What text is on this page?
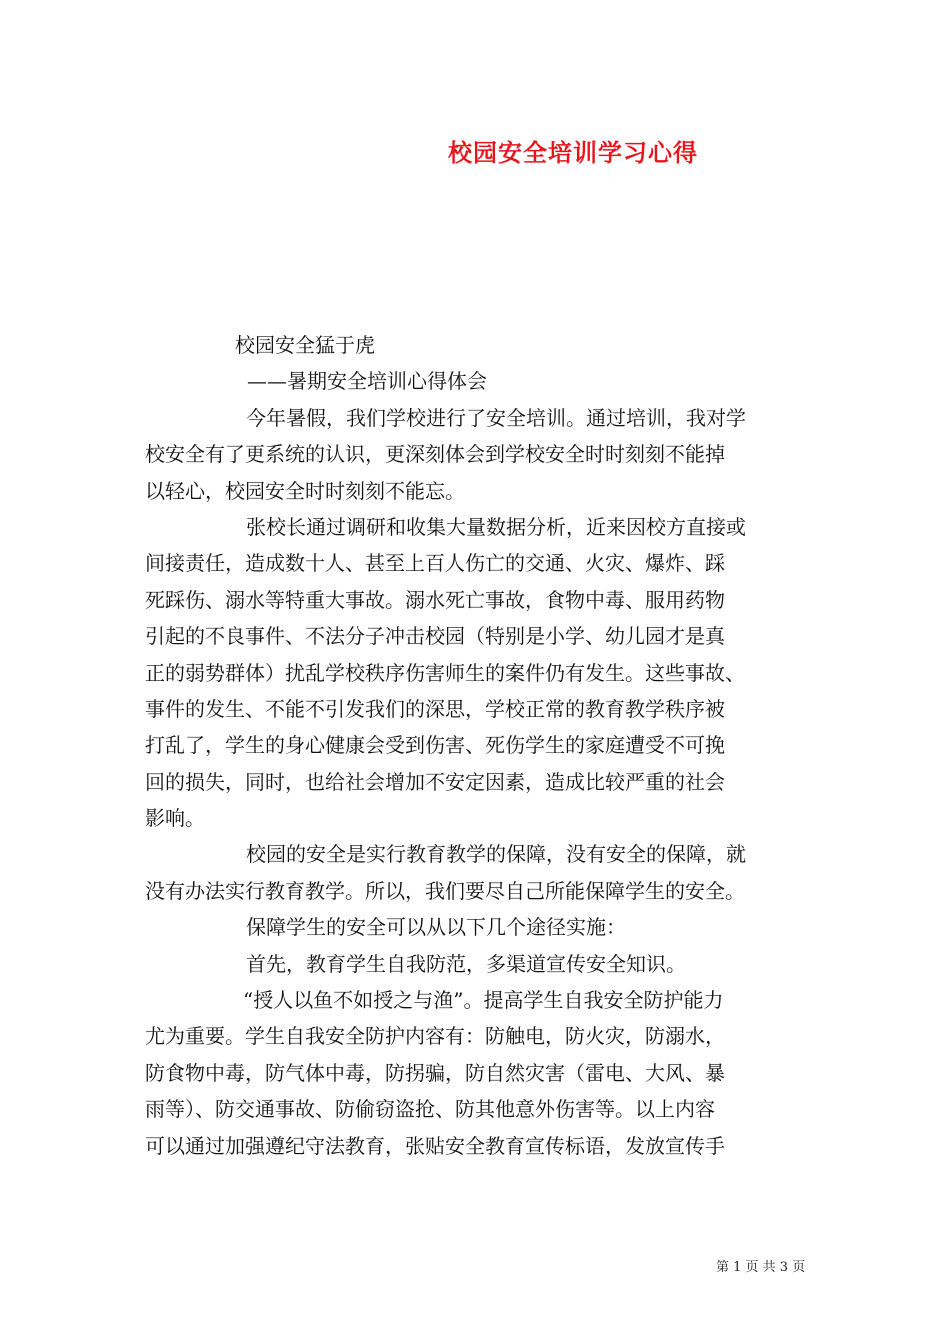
校园安全培训学习心得
校园安全猛于虎
——暑期安全培训心得体会
今年暑假，我们学校进行了安全培训。通过培训，我对学
校安全有了更系统的认识，更深刻体会到学校安全时时刻刻不能掉
以轻心，校园安全时时刻刻不能忘。
张校长通过调研和收集大量数据分析，近来因校方直接或
间接责任，造成数十人、甚至上百人伤亡的交通、火灾、爆炸、踩
死踩伤、溺水等特重大事故。溺水死亡事故，食物中毒、服用药物
引起的不良事件、不法分子冲击校园（特别是小学、幼儿园才是真
正的弱势群体）扰乱学校秩序伤害师生的案件仍有发生。这些事故、
事件的发生、不能不引发我们的深思，学校正常的教育教学秩序被
打乱了，学生的身心健康会受到伤害、死伤学生的家庭遭受不可挽
回的损失，同时，也给社会增加不安定因素，造成比较严重的社会
影响。
校园的安全是实行教育教学的保障，没有安全的保障，就
没有办法实行教育教学。所以，我们要尽自己所能保障学生的安全。
保障学生的安全可以从以下几个途径实施：
首先，教育学生自我防范，多渠道宣传安全知识。
“授人以鱼不如授之与渔”。提高学生自我安全防护能力
尤为重要。学生自我安全防护内容有：防触电，防火灾，防溺水，
防食物中毒，防气体中毒，防拐骗，防自然灾害（雷电、大风、暴
雨等）、防交通事故、防偷窃盗抢、防其他意外伤害等。以上内容
可以通过加强遵纪守法教育，张贴安全教育宣传标语，发放宣传手
第 1 页 共 3 页
